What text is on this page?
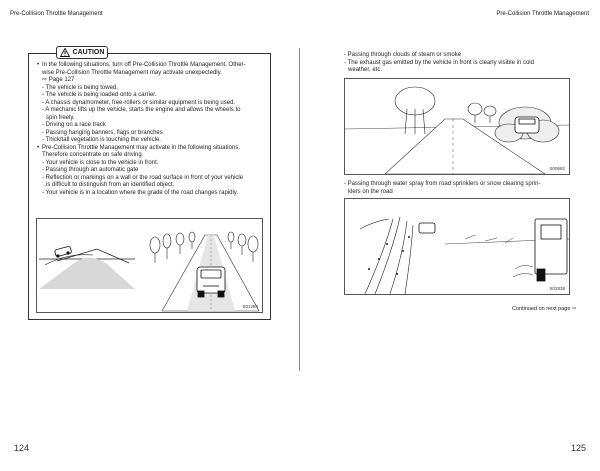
Pre-Collision Throttle Management	Pre-Collision Throttle Management
CAUTION
• In the following situations, turn off Pre-Collision Throttle Management. Other-
wise Pre-Collision Throttle Management may activate unexpectedly.
⇨ Page 127
- The vehicle is being towed.
- The vehicle is being loaded onto a carrier.
- A chassis dynamometer, free-rollers or similar equipment is being used.
- A mechanic lifts up the vehicle, starts the engine and allows the wheels to
spin freely.
- Driving on a race track
- Passing hanging banners, flags or branches
- Thick/tall vegetation is touching the vehicle.
• Pre-Collision Throttle Management may activate in the following situations.
Therefore concentrate on safe driving.
- Your vehicle is close to the vehicle in front.
- Passing through an automatic gate
- Reflection or markings on a wall or the road surface in front of your vehicle
is difficult to distinguish from an identified object.
- Your vehicle is in a location where the grade of the road changes rapidly.
S01284
- Passing through clouds of steam or smoke
- The exhaust gas emitted by the vehicle in front is clearly visible in cold
weather, etc.
S00682
- Passing through water spray from road sprinklers or snow clearing sprin-
klers on the road
S02838
Continued on next page ⇨
124	125
